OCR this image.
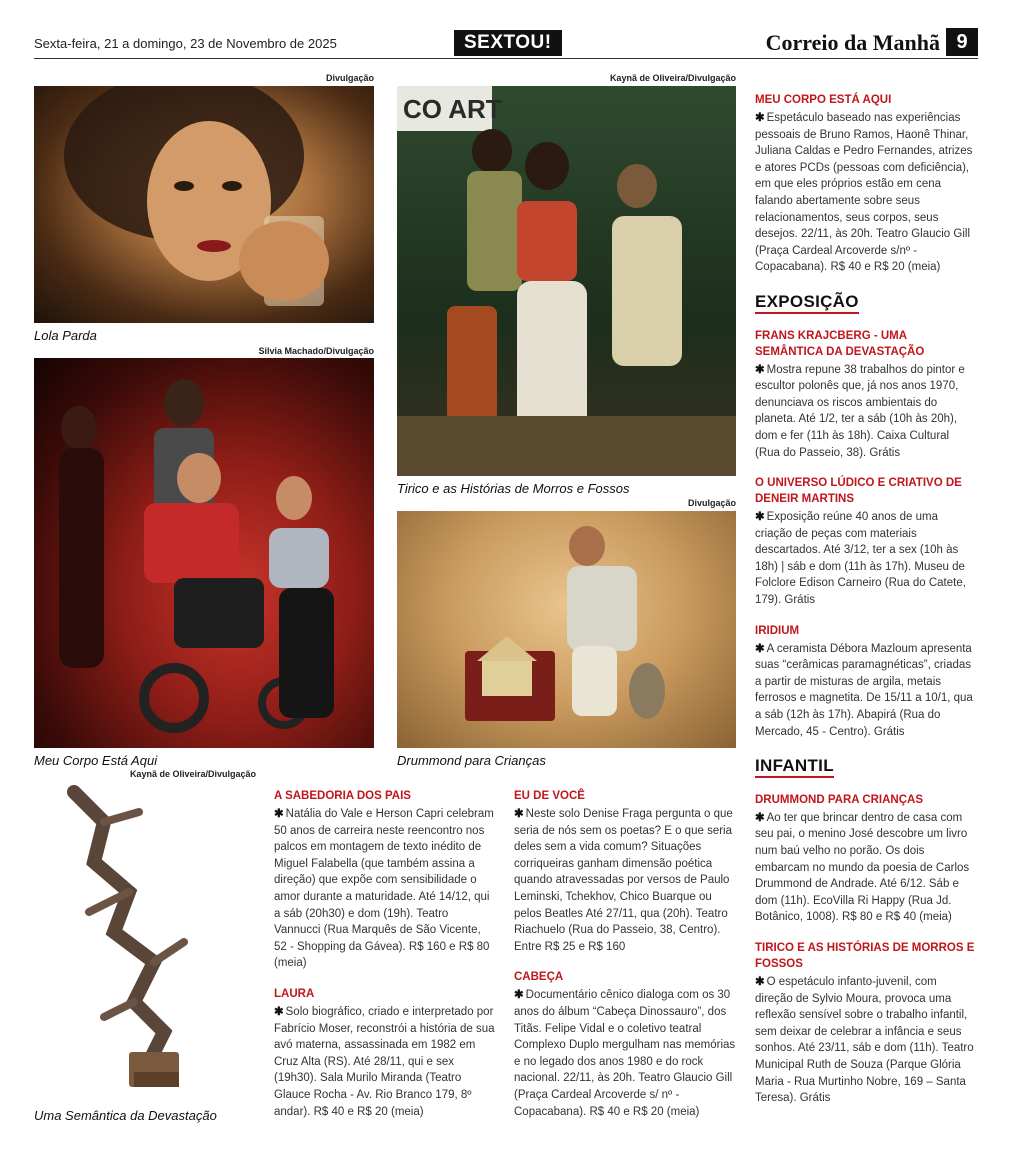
Sexta-feira, 21 a domingo, 23 de Novembro de 2025	SEXTOU!	Correio da Manhã 9
Divulgação
Lola Parda
Silvia Machado/Divulgação
Meu Corpo Está Aqui
Kaynã de Oliveira/Divulgação
Uma Semântica da Devastação
Kaynã de Oliveira/Divulgação
CO ART
Tirico e as Histórias de Morros e Fossos
Divulgação
Drummond para Crianças
A SABEDORIA DOS PAIS

✱ Natália do Vale e Herson Capri celebram 50 anos de carreira neste reencontro nos palcos em montagem de texto inédito de Miguel Falabella (que também assina a direção) que expõe com sensibilidade o amor durante a maturidade. Até 14/12, qui a sáb (20h30) e dom (19h). Teatro Vannucci (Rua Marquês de São Vicente, 52 - Shopping da Gávea). R$ 160 e R$ 80 (meia)

LAURA

✱ Solo biográfico, criado e interpretado por Fabrício Moser, reconstrói a história de sua avó materna, assassinada em 1982 em Cruz Alta (RS). Até 28/11, qui e sex (19h30). Sala Murilo Miranda (Teatro Glauce Rocha - Av. Rio Branco 179, 8º andar). R$ 40 e R$ 20 (meia)

EU DE VOCÊ

✱ Neste solo Denise Fraga pergunta o que seria de nós sem os poetas? E o que seria deles sem a vida comum? Situações corriqueiras ganham dimensão poética quando atravessadas por versos de Paulo Leminski, Tchekhov, Chico Buarque ou pelos Beatles Até 27/11, qua (20h). Teatro Riachuelo (Rua do Passeio, 38, Centro). Entre R$ 25 e R$ 160

CABEÇA

✱ Documentário cênico dialoga com os 30 anos do álbum “Cabeça Dinossauro”, dos Titãs. Felipe Vidal e o coletivo teatral Complexo Duplo mergulham nas memórias e no legado dos anos 1980 e do rock nacional. 22/11, às 20h. Teatro Glaucio Gill (Praça Cardeal Arcoverde s/ nº - Copacabana). R$ 40 e R$ 20 (meia)

MEU CORPO ESTÁ AQUI

✱ Espetáculo baseado nas experiências pessoais de Bruno Ramos, Haonê Thinar, Juliana Caldas e Pedro Fernandes, atrizes e atores PCDs (pessoas com deficiência), em que eles próprios estão em cena falando abertamente sobre seus relacionamentos, seus corpos, seus desejos. 22/11, às 20h. Teatro Glaucio Gill (Praça Cardeal Arcoverde s/nº - Copacabana). R$ 40 e R$ 20 (meia)

EXPOSIÇÃO
FRANS KRAJCBERG - UMA SEMÂNTICA DA DEVASTAÇÃO

✱ Mostra repune 38 trabalhos do pintor e escultor polonês que, já nos anos 1970, denunciava os riscos ambientais do planeta. Até 1/2, ter a sáb (10h às 20h), dom e fer (11h às 18h). Caixa Cultural (Rua do Passeio, 38). Grátis

O UNIVERSO LÚDICO E CRIATIVO DE DENEIR MARTINS

✱ Exposição reúne 40 anos de uma criação de peças com materiais descartados. Até 3/12, ter a sex (10h às 18h) | sáb e dom (11h às 17h). Museu de Folclore Edison Carneiro (Rua do Catete, 179). Grátis

IRIDIUM

✱ A ceramista Débora Mazloum apresenta suas “cerâmicas paramagnéticas”, criadas a partir de misturas de argila, metais ferrosos e magnetita. De 15/11 a 10/1, qua a sáb (12h às 17h). Abapirá (Rua do Mercado, 45 - Centro). Grátis

INFANTIL
DRUMMOND PARA CRIANÇAS

✱ Ao ter que brincar dentro de casa com seu pai, o menino José descobre um livro num baú velho no porão. Os dois embarcam no mundo da poesia de Carlos Drummond de Andrade. Até 6/12. Sáb e dom (11h). EcoVilla Ri Happy (Rua Jd. Botânico, 1008). R$ 80 e R$ 40 (meia)

TIRICO E AS HISTÓRIAS DE MORROS E FOSSOS

✱ O espetáculo infanto-juvenil, com direção de Sylvio Moura, provoca uma reflexão sensível sobre o trabalho infantil, sem deixar de celebrar a infância e seus sonhos. Até 23/11, sáb e dom (11h). Teatro Municipal Ruth de Souza (Parque Glória Maria - Rua Murtinho Nobre, 169 – Santa Teresa). Grátis
